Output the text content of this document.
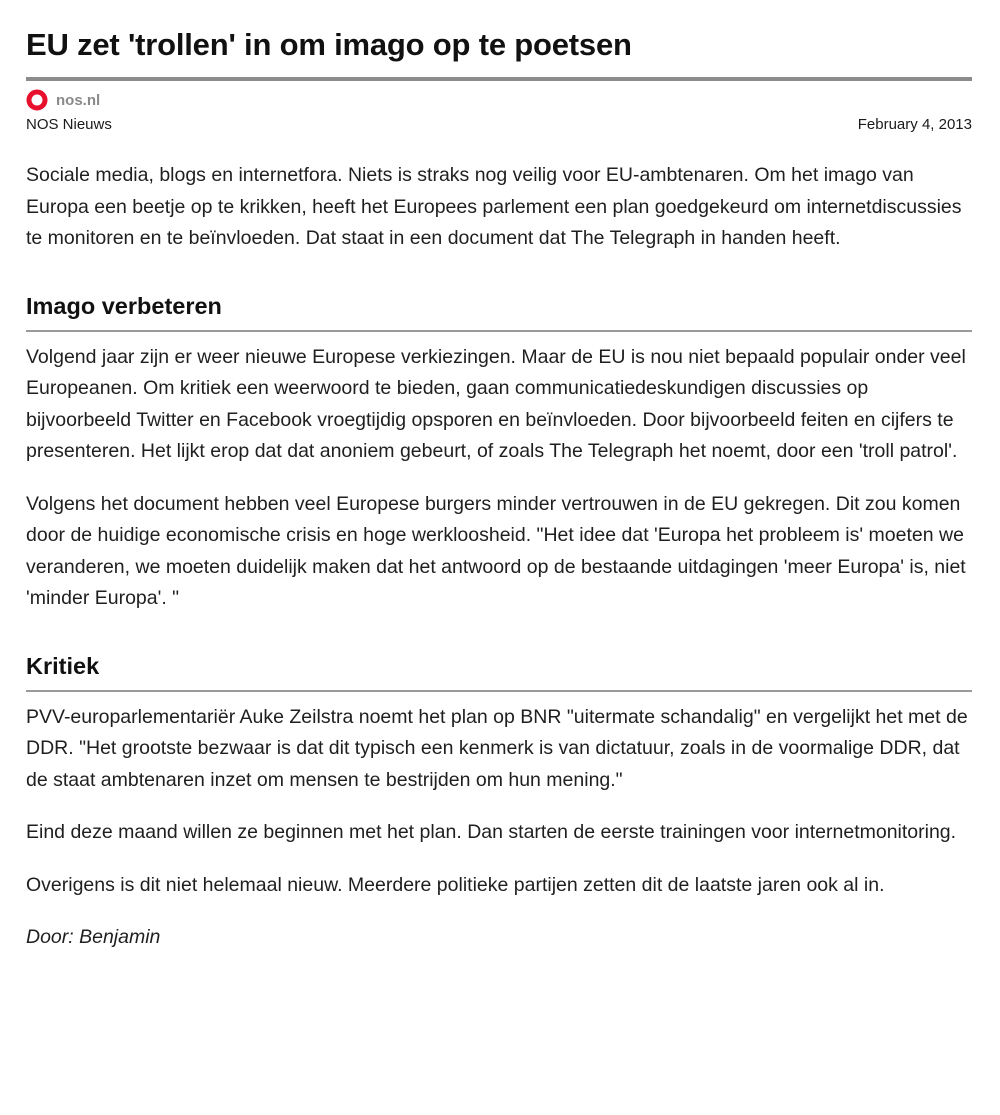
EU zet 'trollen' in om imago op te poetsen
nos.nl
NOS Nieuws	February 4, 2013

Sociale media, blogs en internetfora. Niets is straks nog veilig voor EU-ambtenaren. Om het imago van Europa een beetje op te krikken, heeft het Europees parlement een plan goedgekeurd om internetdiscussies te monitoren en te beïnvloeden. Dat staat in een document dat The Telegraph in handen heeft.

Imago verbeteren

Volgend jaar zijn er weer nieuwe Europese verkiezingen. Maar de EU is nou niet bepaald populair onder veel Europeanen. Om kritiek een weerwoord te bieden, gaan communicatiedeskundigen discussies op bijvoorbeeld Twitter en Facebook vroegtijdig opsporen en beïnvloeden. Door bijvoorbeeld feiten en cijfers te presenteren. Het lijkt erop dat dat anoniem gebeurt, of zoals The Telegraph het noemt, door een 'troll patrol'.

Volgens het document hebben veel Europese burgers minder vertrouwen in de EU gekregen. Dit zou komen door de huidige economische crisis en hoge werkloosheid. "Het idee dat 'Europa het probleem is' moeten we veranderen, we moeten duidelijk maken dat het antwoord op de bestaande uitdagingen 'meer Europa' is, niet 'minder Europa'. "

Kritiek

PVV-europarlementariër Auke Zeilstra noemt het plan op BNR "uitermate schandalig" en vergelijkt het met de DDR. "Het grootste bezwaar is dat dit typisch een kenmerk is van dictatuur, zoals in de voormalige DDR, dat de staat ambtenaren inzet om mensen te bestrijden om hun mening."

Eind deze maand willen ze beginnen met het plan. Dan starten de eerste trainingen voor internetmonitoring.

Overigens is dit niet helemaal nieuw. Meerdere politieke partijen zetten dit de laatste jaren ook al in.

Door: Benjamin
